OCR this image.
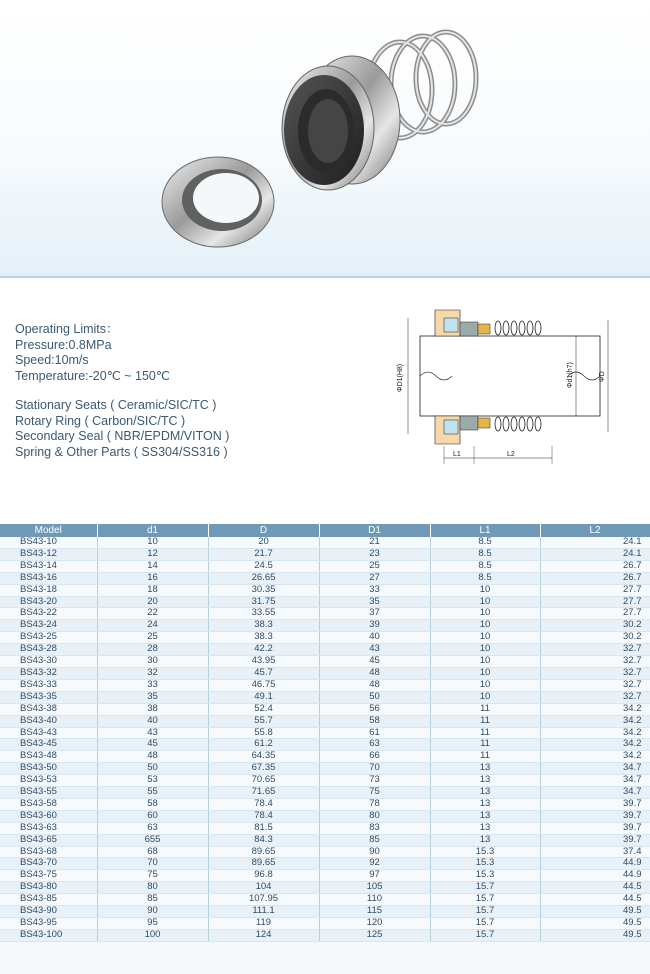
Operating Limits：
Pressure:0.8MPa
Speed:10m/s
Temperature:-20℃ ~ 150℃
Stationary Seats ( Ceramic/SIC/TC )
Rotary Ring ( Carbon/SIC/TC )
Secondary Seal ( NBR/EPDM/VITON )
Spring & Other Parts ( SS304/SS316 )
ΦD1(H8)	Φd1(h7)	ΦD
L1	L2
Model	d1	D	D1	L1	L2
BS43-10	10	20	21	8.5	24.1
BS43-12	12	21.7	23	8.5	24.1
BS43-14	14	24.5	25	8.5	26.7
BS43-16	16	26.65	27	8.5	26.7
BS43-18	18	30.35	33	10	27.7
BS43-20	20	31.75	35	10	27.7
BS43-22	22	33.55	37	10	27.7
BS43-24	24	38.3	39	10	30.2
BS43-25	25	38.3	40	10	30.2
BS43-28	28	42.2	43	10	32.7
BS43-30	30	43.95	45	10	32.7
BS43-32	32	45.7	48	10	32.7
BS43-33	33	46.75	48	10	32.7
BS43-35	35	49.1	50	10	32.7
BS43-38	38	52.4	56	11	34.2
BS43-40	40	55.7	58	11	34.2
BS43-43	43	55.8	61	11	34.2
BS43-45	45	61.2	63	11	34.2
BS43-48	48	64.35	66	11	34.2
BS43-50	50	67.35	70	13	34.7
BS43-53	53	70.65	73	13	34.7
BS43-55	55	71.65	75	13	34.7
BS43-58	58	78.4	78	13	39.7
BS43-60	60	78.4	80	13	39.7
BS43-63	63	81.5	83	13	39.7
BS43-65	655	84.3	85	13	39.7
BS43-68	68	89.65	90	15.3	37.4
BS43-70	70	89.65	92	15.3	44.9
BS43-75	75	96.8	97	15.3	44.9
BS43-80	80	104	105	15.7	44.5
BS43-85	85	107.95	110	15.7	44.5
BS43-90	90	111.1	115	15.7	49.5
BS43-95	95	119	120	15.7	49.5
BS43-100	100	124	125	15.7	49.5
